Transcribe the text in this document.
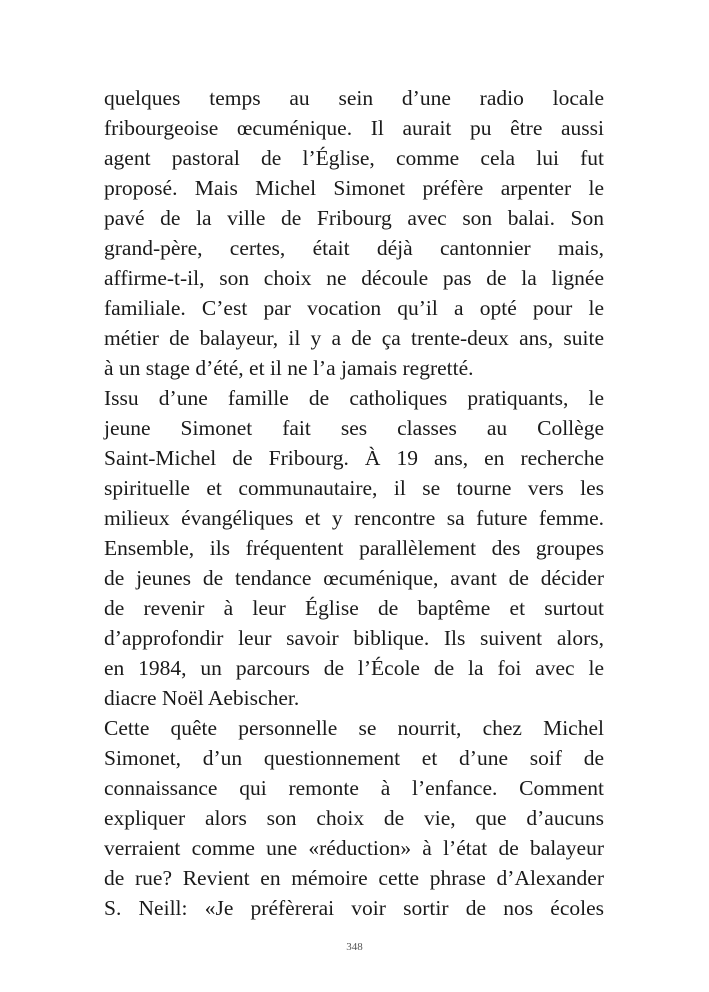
quelques temps au sein d’une radio locale
fribourgeoise œcuménique. Il aurait pu être aussi
agent pastoral de l’Église, comme cela lui fut
proposé. Mais Michel Simonet préfère arpenter le
pavé de la ville de Fribourg avec son balai. Son
grand-père, certes, était déjà cantonnier mais,
affirme-t-il, son choix ne découle pas de la lignée
familiale. C’est par vocation qu’il a opté pour le
métier de balayeur, il y a de ça trente-deux ans, suite
à un stage d’été, et il ne l’a jamais regretté.
Issu d’une famille de catholiques pratiquants, le
jeune Simonet fait ses classes au Collège
Saint-Michel de Fribourg. À 19 ans, en recherche
spirituelle et communautaire, il se tourne vers les
milieux évangéliques et y rencontre sa future femme.
Ensemble, ils fréquentent parallèlement des groupes
de jeunes de tendance œcuménique, avant de décider
de revenir à leur Église de baptême et surtout
d’approfondir leur savoir biblique. Ils suivent alors,
en 1984, un parcours de l’École de la foi avec le
diacre Noël Aebischer.
Cette quête personnelle se nourrit, chez Michel
Simonet, d’un questionnement et d’une soif de
connaissance qui remonte à l’enfance. Comment
expliquer alors son choix de vie, que d’aucuns
verraient comme une «réduction» à l’état de balayeur
de rue? Revient en mémoire cette phrase d’Alexander
S. Neill: «Je préfèrerai voir sortir de nos écoles
348
